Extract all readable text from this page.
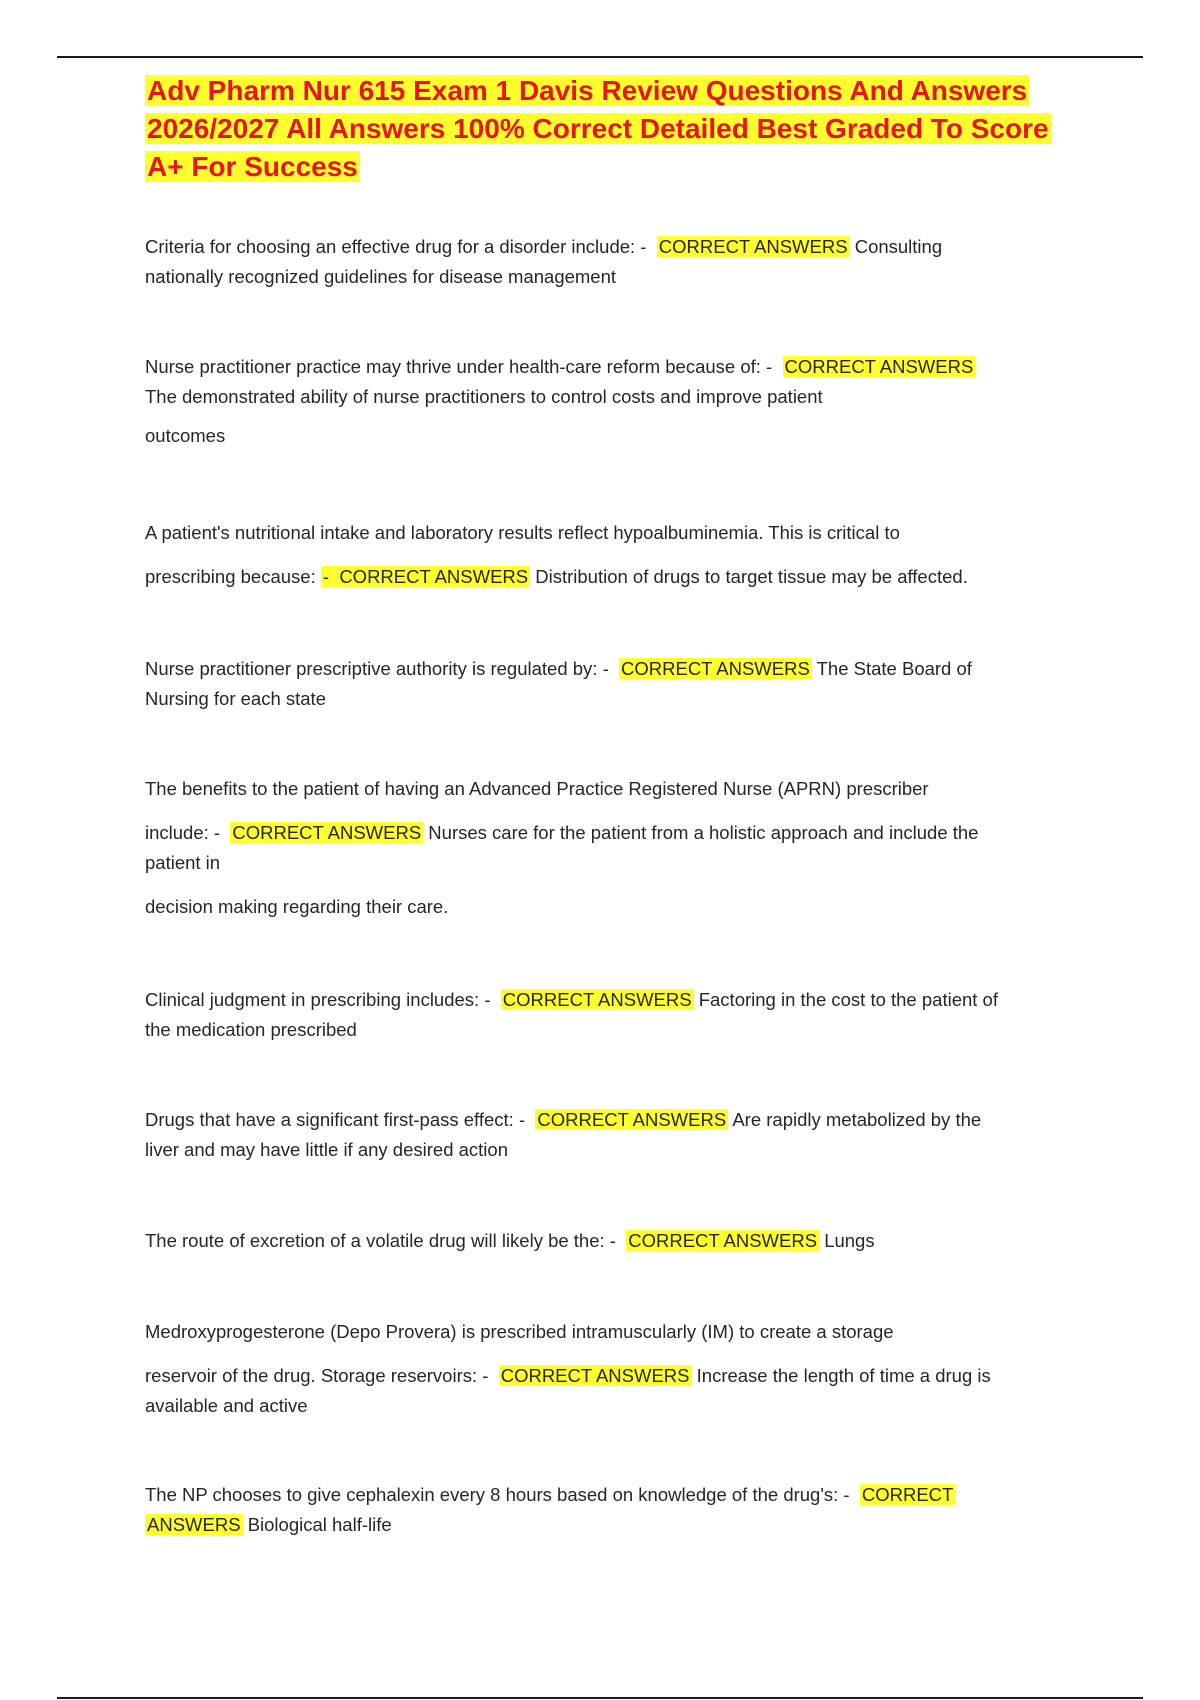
Adv Pharm Nur 615 Exam 1 Davis Review Questions And Answers 2026/2027 All Answers 100% Correct Detailed Best Graded To Score A+ For Success

Criteria for choosing an effective drug for a disorder include: - CORRECT ANSWERS Consulting

nationally recognized guidelines for disease management

Nurse practitioner practice may thrive under health-care reform because of: - CORRECT ANSWERS

The demonstrated ability of nurse practitioners to control costs and improve patient

outcomes

A patient's nutritional intake and laboratory results reflect hypoalbuminemia. This is critical to

prescribing because: - CORRECT ANSWERS Distribution of drugs to target tissue may be affected.

Nurse practitioner prescriptive authority is regulated by: - CORRECT ANSWERS The State Board of

Nursing for each state

The benefits to the patient of having an Advanced Practice Registered Nurse (APRN) prescriber

include: - CORRECT ANSWERS Nurses care for the patient from a holistic approach and include the

patient in

decision making regarding their care.

Clinical judgment in prescribing includes: - CORRECT ANSWERS Factoring in the cost to the patient of

the medication prescribed

Drugs that have a significant first-pass effect: - CORRECT ANSWERS Are rapidly metabolized by the

liver and may have little if any desired action

The route of excretion of a volatile drug will likely be the: - CORRECT ANSWERS Lungs

Medroxyprogesterone (Depo Provera) is prescribed intramuscularly (IM) to create a storage

reservoir of the drug. Storage reservoirs: - CORRECT ANSWERS Increase the length of time a drug is

available and active

The NP chooses to give cephalexin every 8 hours based on knowledge of the drug's: - CORRECT

ANSWERS Biological half-life
